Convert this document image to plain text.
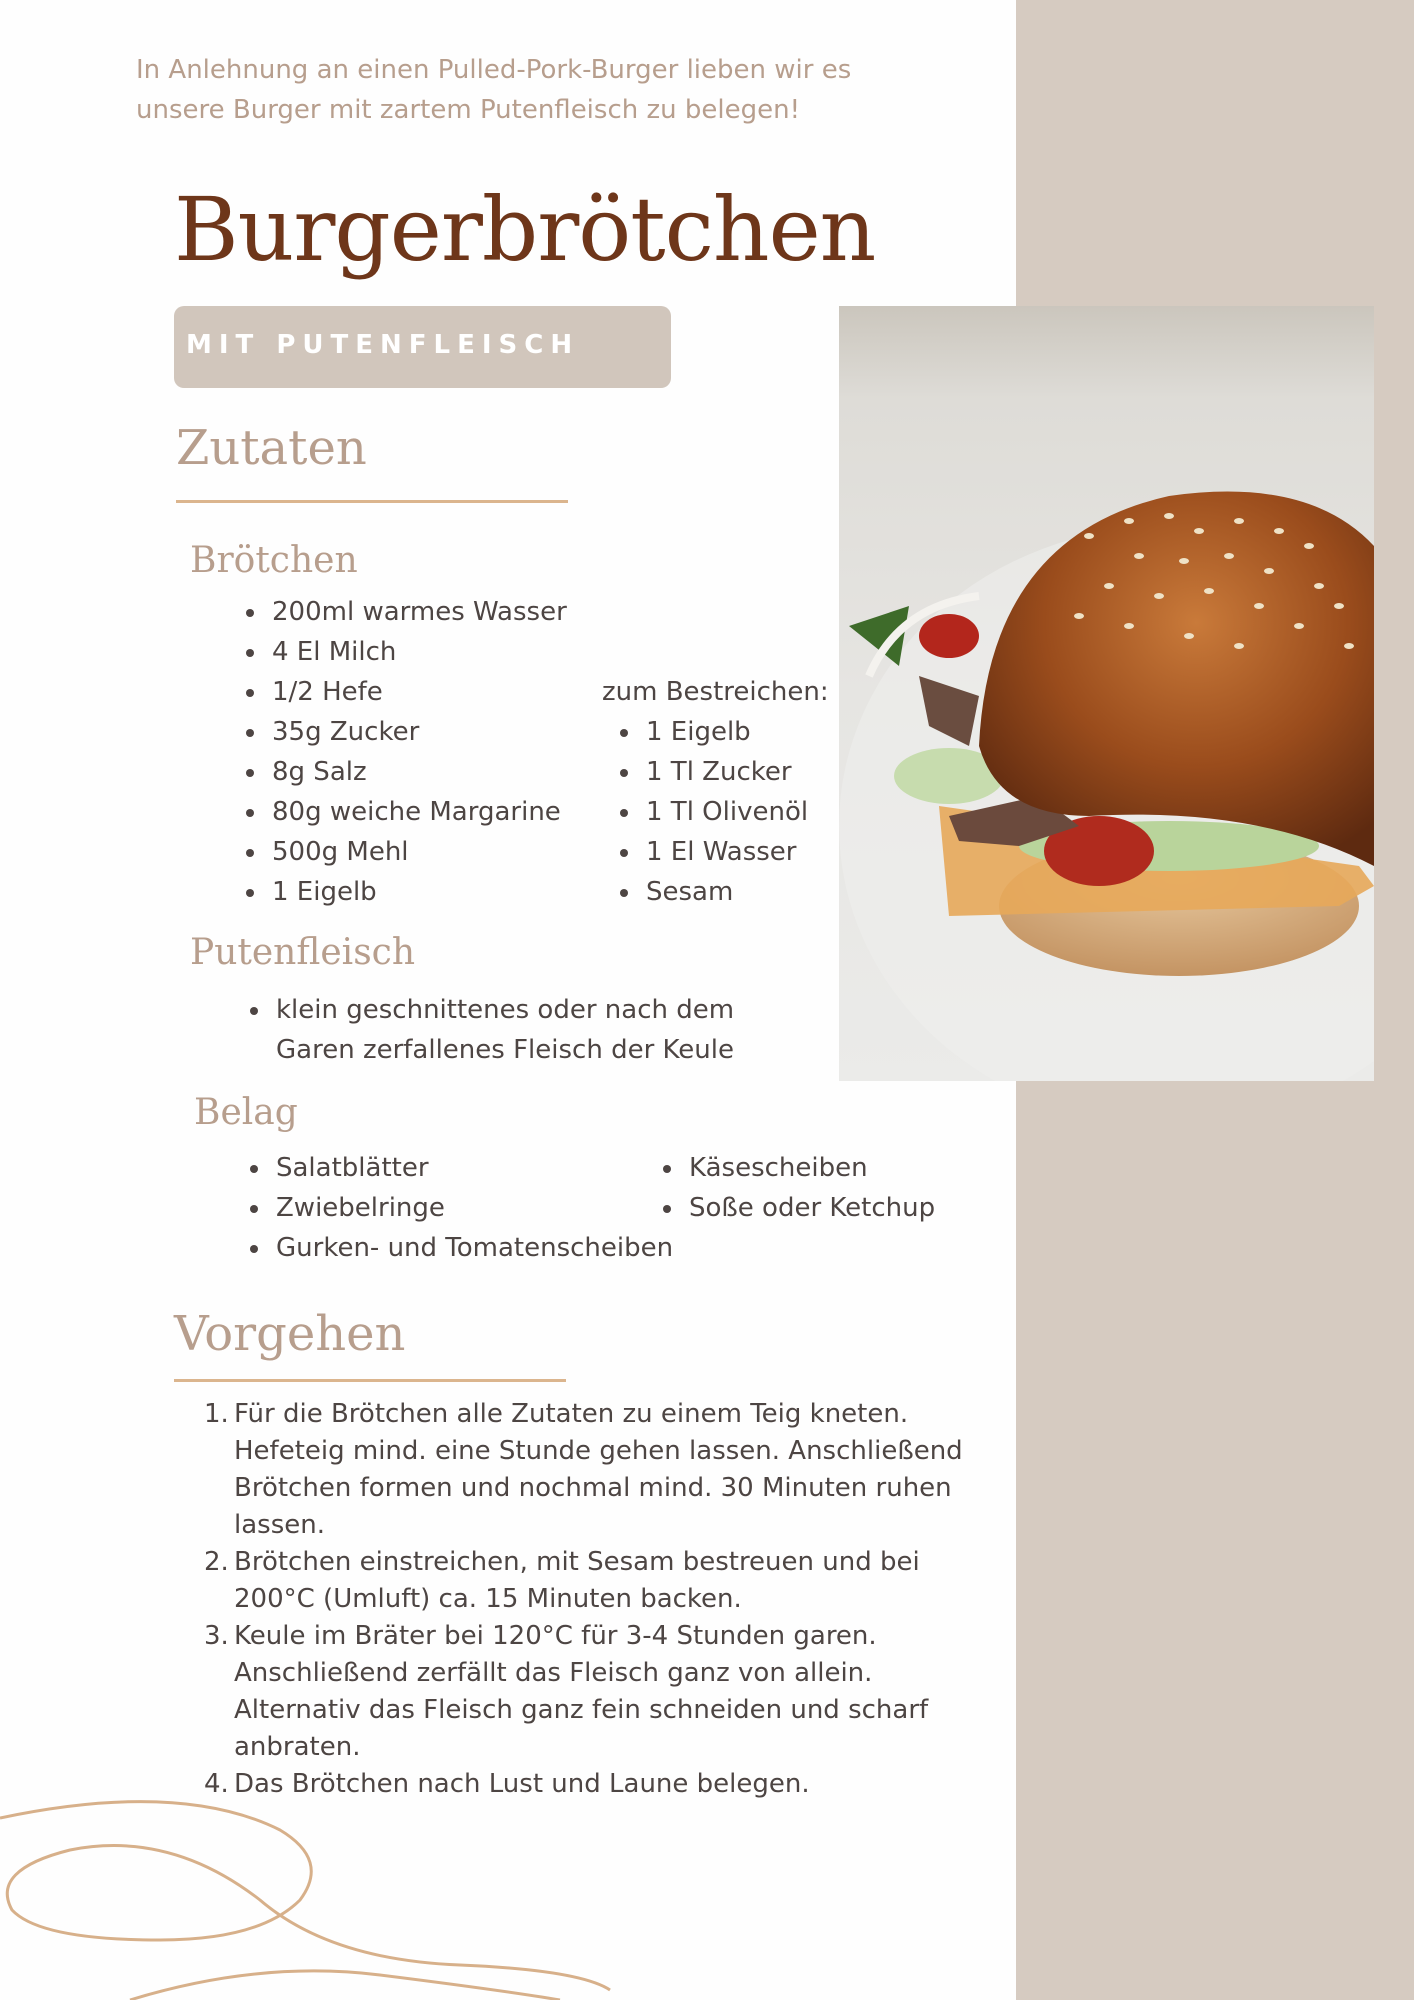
In Anlehnung an einen Pulled-Pork-Burger lieben wir es unsere Burger mit zartem Putenfleisch zu belegen!
Burgerbrötchen
MIT PUTENFLEISCH
Zutaten
Brötchen
200ml warmes Wasser
4 El Milch
1/2 Hefe
35g Zucker
8g Salz
80g weiche Margarine
500g Mehl
1 Eigelb
zum Bestreichen:
1 Eigelb
1 Tl Zucker
1 Tl Olivenöl
1 El Wasser
Sesam
Putenfleisch
klein geschnittenes oder nach dem Garen zerfallenes Fleisch der Keule
Belag
Salatblätter
Zwiebelringe
Gurken- und Tomatenscheiben
Käsescheiben
Soße oder Ketchup
Vorgehen
1. Für die Brötchen alle Zutaten zu einem Teig kneten. Hefeteig mind. eine Stunde gehen lassen. Anschließend Brötchen formen und nochmal mind. 30 Minuten ruhen lassen.
2. Brötchen einstreichen, mit Sesam bestreuen und bei 200°C (Umluft) ca. 15 Minuten backen.
3. Keule im Bräter bei 120°C für 3-4 Stunden garen. Anschließend zerfällt das Fleisch ganz von allein. Alternativ das Fleisch ganz fein schneiden und scharf anbraten.
4. Das Brötchen nach Lust und Laune belegen.
